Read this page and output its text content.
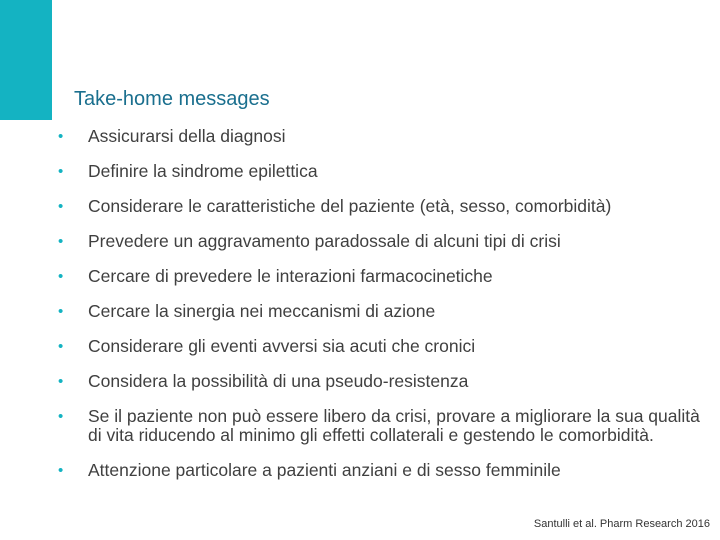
Take-home messages
• Assicurarsi della diagnosi
• Definire la sindrome epilettica
• Considerare le caratteristiche del paziente (età, sesso, comorbidità)
• Prevedere un aggravamento paradossale di alcuni tipi di crisi
• Cercare di prevedere le interazioni farmacocinetiche
• Cercare la sinergia nei meccanismi di azione
• Considerare gli eventi avversi sia acuti che cronici
• Considera la possibilità di una pseudo-resistenza
• Se il paziente non può essere libero da crisi, provare a migliorare la sua qualità di vita riducendo al minimo gli effetti collaterali e gestendo le comorbidità.
• Attenzione particolare a pazienti anziani e di sesso femminile
Santulli et al. Pharm Research 2016
